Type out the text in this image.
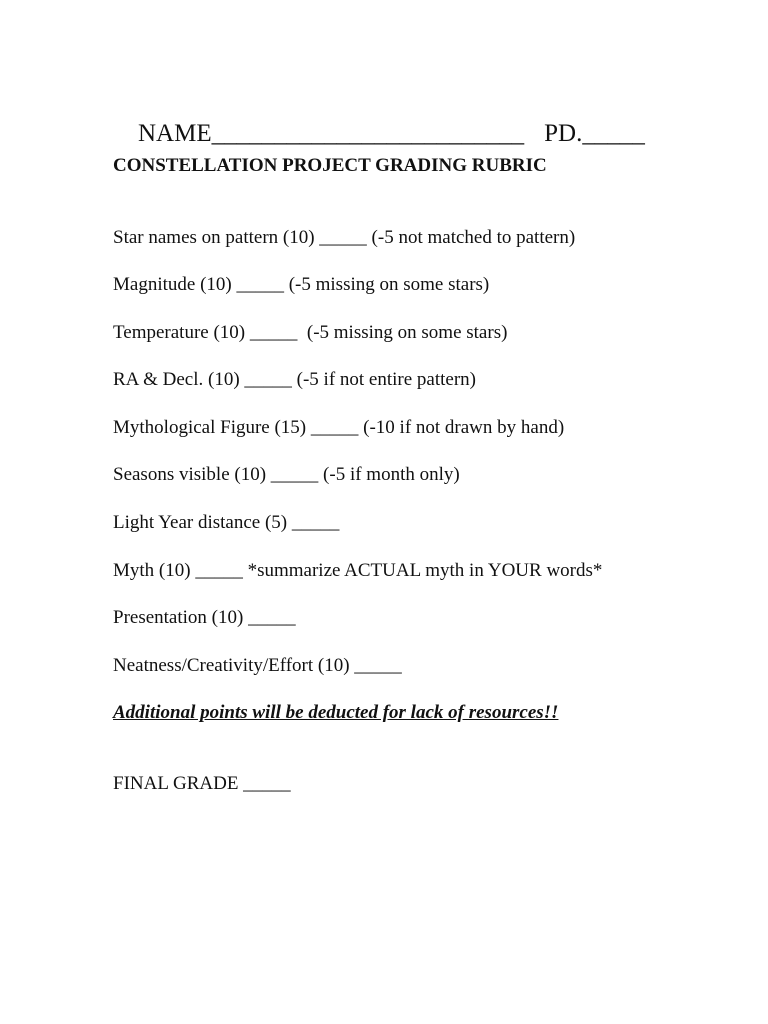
NAME_________________________ PD._____

CONSTELLATION PROJECT GRADING RUBRIC
Star names on pattern (10) _____ (-5 not matched to pattern)
Magnitude (10) _____ (-5 missing on some stars)
Temperature (10) _____  (-5 missing on some stars)
RA & Decl. (10) _____ (-5 if not entire pattern)
Mythological Figure (15) _____ (-10 if not drawn by hand)
Seasons visible (10) _____ (-5 if month only)
Light Year distance (5) _____
Myth (10) _____ *summarize ACTUAL myth in YOUR words*
Presentation (10) _____
Neatness/Creativity/Effort (10) _____
Additional points will be deducted for lack of resources!!
FINAL GRADE _____
